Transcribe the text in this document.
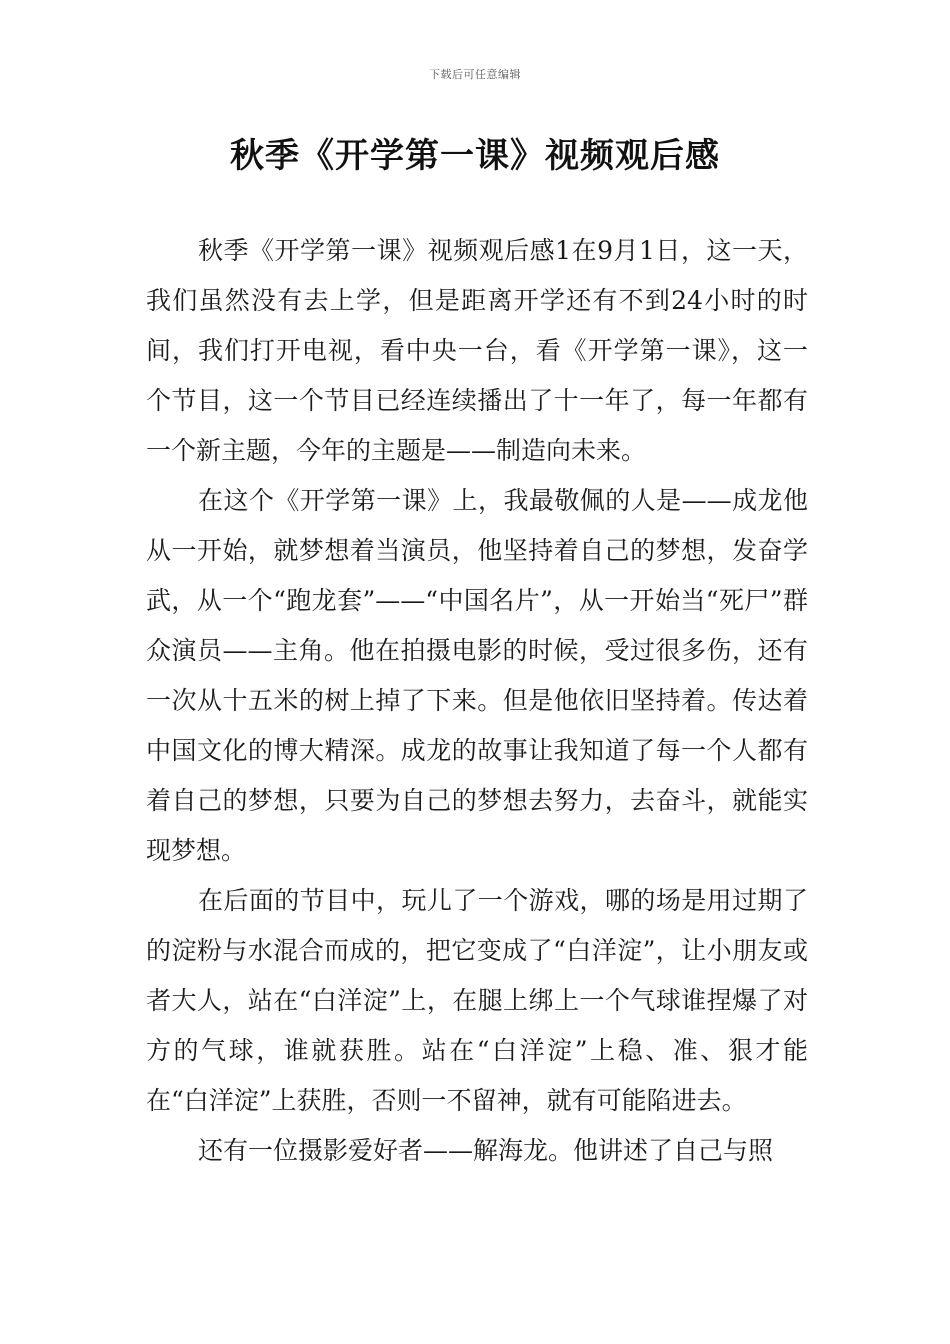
下载后可任意编辑
秋季《开学第一课》视频观后感

秋季《开学第一课》视频观后感1在9月1日，这一天，我们虽然没有去上学，但是距离开学还有不到24小时的时间，我们打开电视，看中央一台，看《开学第一课》，这一个节目，这一个节目已经连续播出了十一年了，每一年都有一个新主题，今年的主题是——制造向未来。

在这个《开学第一课》上，我最敬佩的人是——成龙他从一开始，就梦想着当演员，他坚持着自己的梦想，发奋学武，从一个“跑龙套”——“中国名片”，从一开始当“死尸”群众演员——主角。他在拍摄电影的时候，受过很多伤，还有一次从十五米的树上掉了下来。但是他依旧坚持着。传达着中国文化的博大精深。成龙的故事让我知道了每一个人都有着自己的梦想，只要为自己的梦想去努力，去奋斗，就能实现梦想。

在后面的节目中，玩儿了一个游戏，哪的场是用过期了的淀粉与水混合而成的，把它变成了“白洋淀”，让小朋友或者大人，站在“白洋淀”上，在腿上绑上一个气球谁捏爆了对方的气球，谁就获胜。站在“白洋淀”上稳、准、狠才能在“白洋淀”上获胜，否则一不留神，就有可能陷进去。

还有一位摄影爱好者——解海龙。他讲述了自己与照
